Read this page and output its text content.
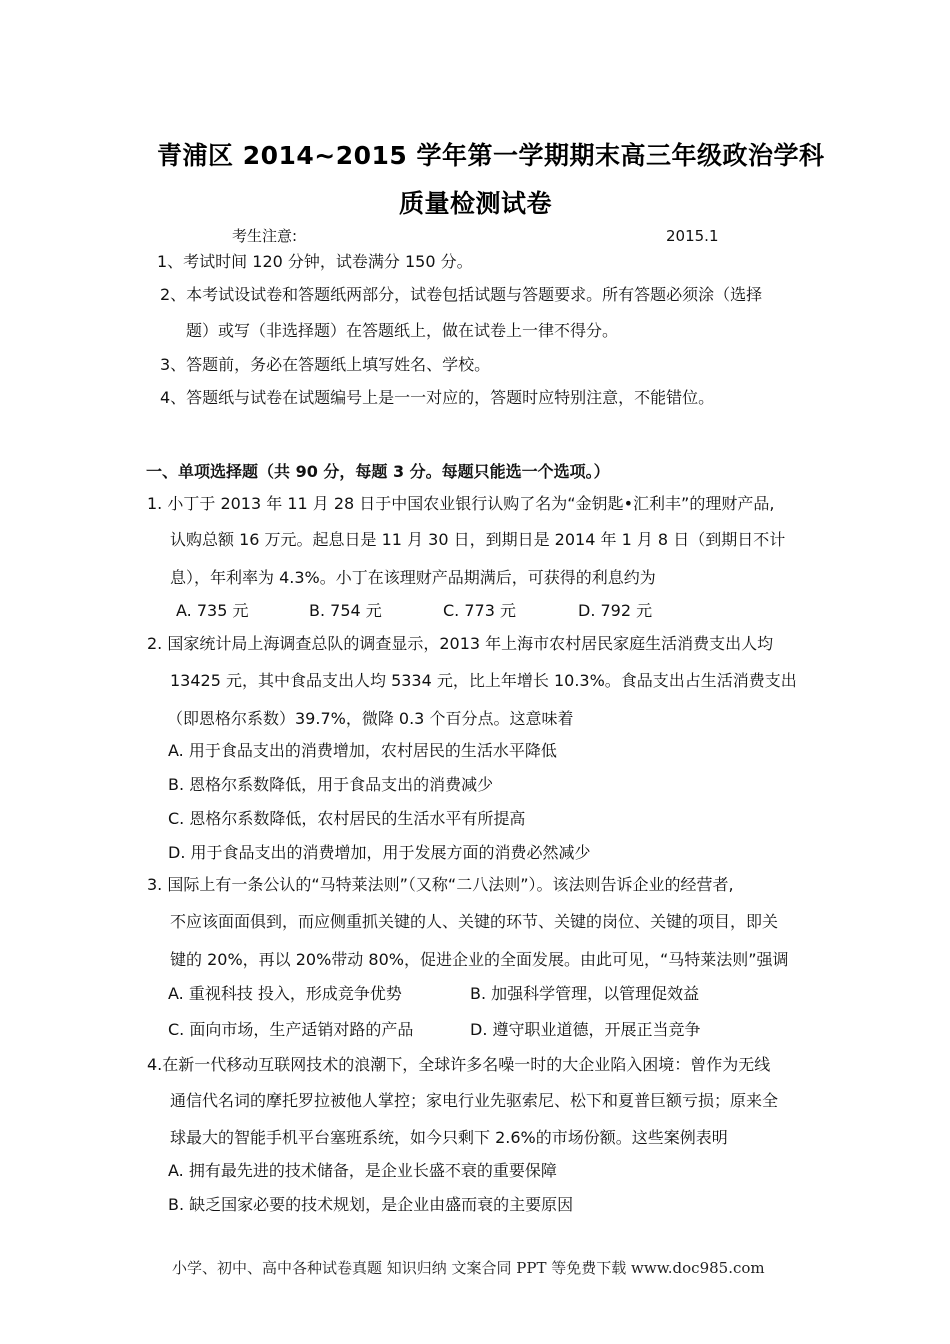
青浦区 2014~2015 学年第一学期期末高三年级政治学科
质量检测试卷
考生注意:	2015.1
1、考试时间 120 分钟，试卷满分 150 分。
2、本考试设试卷和答题纸两部分，试卷包括试题与答题要求。所有答题必须涂（选择
题）或写（非选择题）在答题纸上，做在试卷上一律不得分。
3、答题前，务必在答题纸上填写姓名、学校。
4、答题纸与试卷在试题编号上是一一对应的，答题时应特别注意，不能错位。
一、单项选择题（共 90 分，每题 3 分。每题只能选一个选项。）
1. 小丁于 2013 年 11 月 28 日于中国农业银行认购了名为“金钥匙•汇利丰”的理财产品,
认购总额 16 万元。起息日是 11 月 30 日，到期日是 2014 年 1 月 8 日（到期日不计
息），年利率为 4.3%。小丁在该理财产品期满后，可获得的利息约为
A. 735 元	B. 754 元	C. 773 元	D. 792 元
2. 国家统计局上海调查总队的调查显示，2013 年上海市农村居民家庭生活消费支出人均
13425 元，其中食品支出人均 5334 元，比上年增长 10.3%。食品支出占生活消费支出
（即恩格尔系数）39.7%，微降 0.3 个百分点。这意味着
A. 用于食品支出的消费增加，农村居民的生活水平降低
B. 恩格尔系数降低，用于食品支出的消费减少
C. 恩格尔系数降低，农村居民的生活水平有所提高
D. 用于食品支出的消费增加，用于发展方面的消费必然减少
3. 国际上有一条公认的“马特莱法则”（又称“二八法则”）。该法则告诉企业的经营者,
不应该面面俱到，而应侧重抓关键的人、关键的环节、关键的岗位、关键的项目，即关
键的 20%，再以 20%带动 80%，促进企业的全面发展。由此可见，“马特莱法则”强调
A. 重视科技 投入，形成竞争优势	B. 加强科学管理，以管理促效益
C. 面向市场，生产适销对路的产品	D. 遵守职业道德，开展正当竞争
4.在新一代移动互联网技术的浪潮下，全球许多名噪一时的大企业陷入困境：曾作为无线
通信代名词的摩托罗拉被他人掌控；家电行业先驱索尼、松下和夏普巨额亏损；原来全
球最大的智能手机平台塞班系统，如今只剩下 2.6%的市场份额。这些案例表明
A. 拥有最先进的技术储备，是企业长盛不衰的重要保障
B. 缺乏国家必要的技术规划，是企业由盛而衰的主要原因
小学、初中、高中各种试卷真题 知识归纳 文案合同 PPT 等免费下载 www.doc985.com
